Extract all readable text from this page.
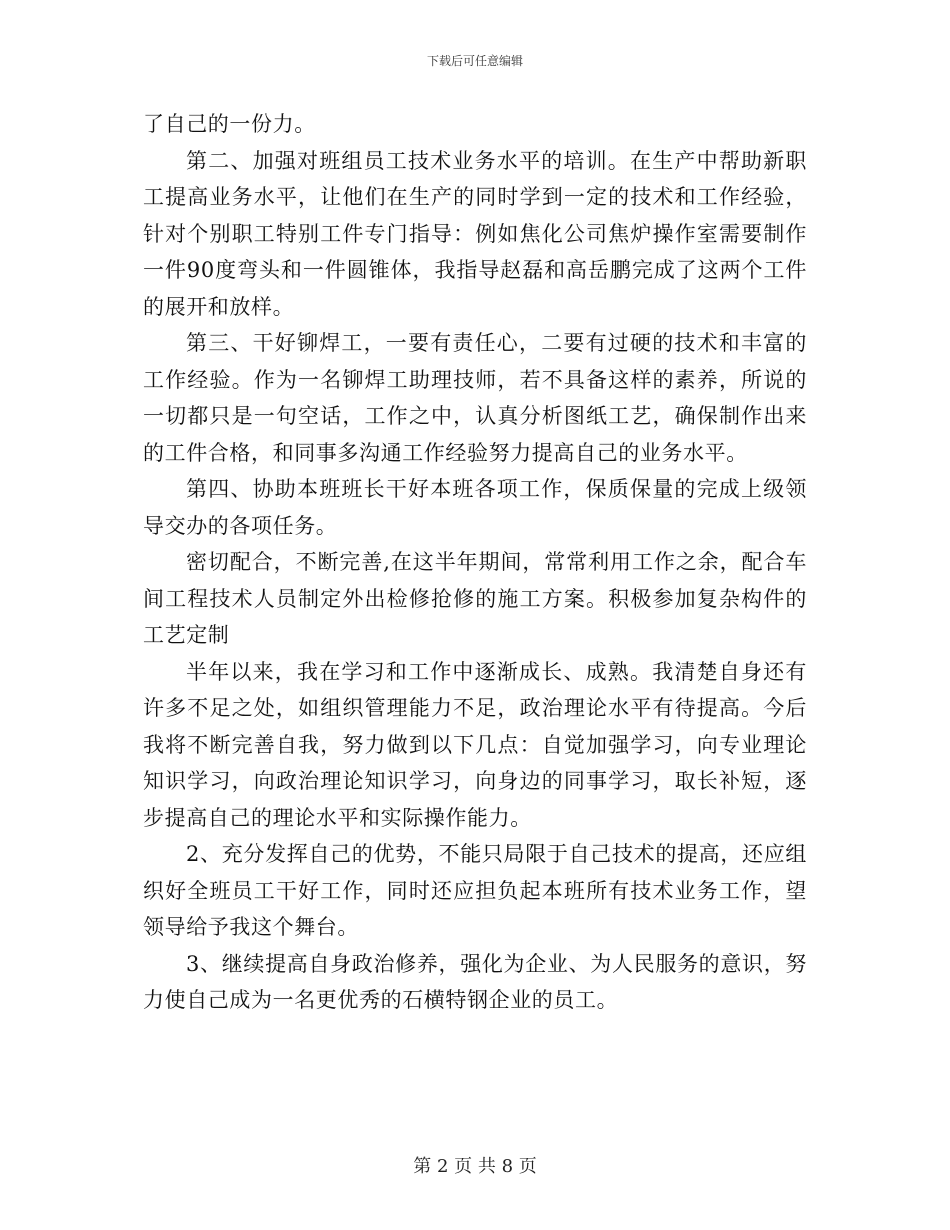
下载后可任意编辑

了自己的一份力。

第二、加强对班组员工技术业务水平的培训。在生产中帮助新职工提高业务水平，让他们在生产的同时学到一定的技术和工作经验，针对个别职工特别工件专门指导：例如焦化公司焦炉操作室需要制作一件90度弯头和一件圆锥体，我指导赵磊和高岳鹏完成了这两个工件的展开和放样。

第三、干好铆焊工，一要有责任心，二要有过硬的技术和丰富的工作经验。作为一名铆焊工助理技师，若不具备这样的素养，所说的一切都只是一句空话，工作之中，认真分析图纸工艺，确保制作出来的工件合格，和同事多沟通工作经验努力提高自己的业务水平。

第四、协助本班班长干好本班各项工作，保质保量的完成上级领导交办的各项任务。

密切配合，不断完善,在这半年期间，常常利用工作之余，配合车间工程技术人员制定外出检修抢修的施工方案。积极参加复杂构件的工艺定制

半年以来，我在学习和工作中逐渐成长、成熟。我清楚自身还有许多不足之处，如组织管理能力不足，政治理论水平有待提高。今后我将不断完善自我，努力做到以下几点：自觉加强学习，向专业理论知识学习，向政治理论知识学习，向身边的同事学习，取长补短，逐步提高自己的理论水平和实际操作能力。

2、充分发挥自己的优势，不能只局限于自己技术的提高，还应组织好全班员工干好工作，同时还应担负起本班所有技术业务工作，望领导给予我这个舞台。

3、继续提高自身政治修养，强化为企业、为人民服务的意识，努力使自己成为一名更优秀的石横特钢企业的员工。

第 2 页 共 8 页
